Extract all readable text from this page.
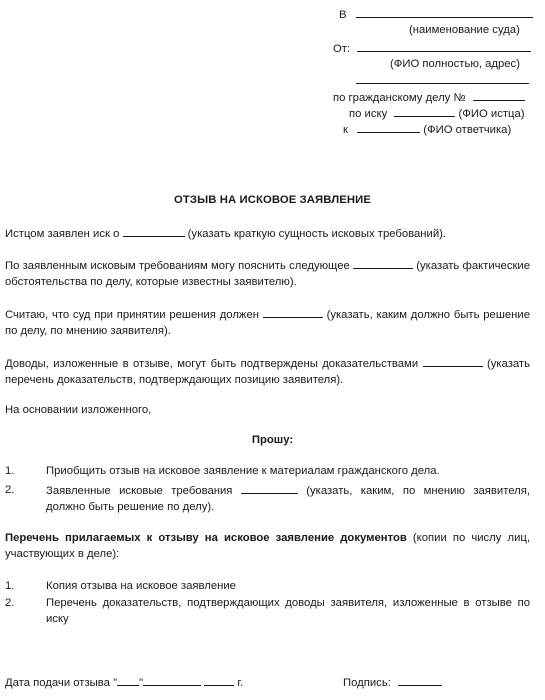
В
(наименование суда)
От:
(ФИО полностью, адрес)
по гражданскому делу №
по иску	(ФИО истца)
к	(ФИО ответчика)
ОТЗЫВ НА ИСКОВОЕ ЗАЯВЛЕНИЕ
Истцом заявлен иск о	(указать краткую сущность исковых требований).
По заявленным исковым требованиям могу пояснить следующее	(указать фактические обстоятельства по делу, которые известны заявителю).
Считаю, что суд при принятии решения должен	(указать, каким должно быть решение по делу, по мнению заявителя).
Доводы, изложенные в отзыве, могут быть подтверждены доказательствами	(указать перечень доказательств, подтверждающих позицию заявителя).
На основании изложенного,
Прошу:
1.	Приобщить отзыв на исковое заявление к материалам гражданского дела.
2.	Заявленные исковые требования	(указать, каким, по мнению заявителя, должно быть решение по делу).
Перечень прилагаемых к отзыву на исковое заявление документов (копии по числу лиц, участвующих в деле):
1.	Копия отзыва на исковое заявление
2.	Перечень доказательств, подтверждающих доводы заявителя, изложенные в отзыве по иску
Дата подачи отзыва " "	г.	Подпись:
